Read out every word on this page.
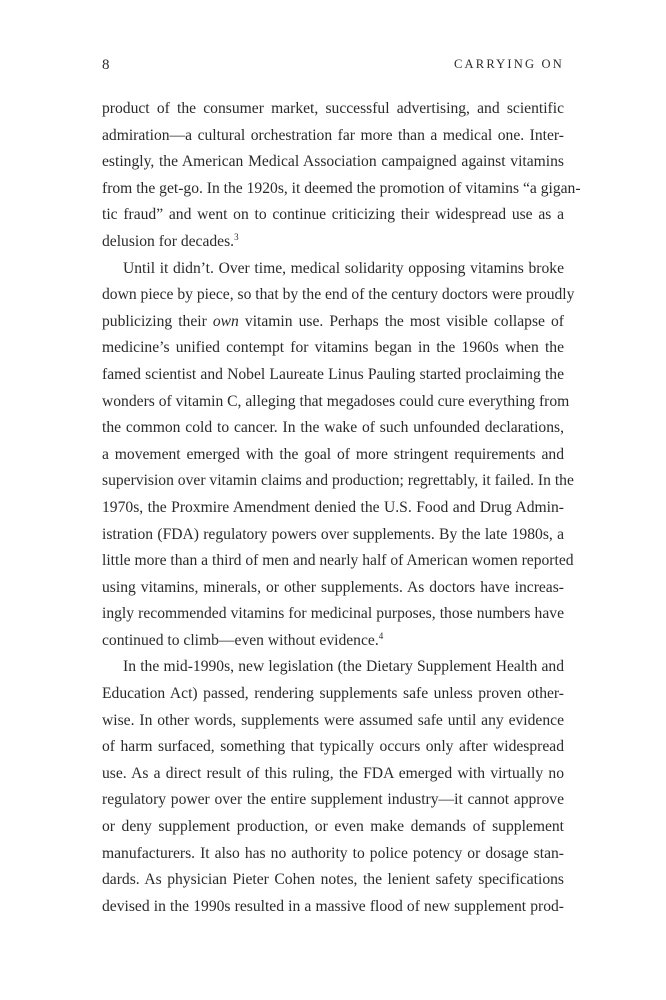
8	CARRYING ON
product of the consumer market, successful advertising, and scientific
admiration—a cultural orchestration far more than a medical one. Inter-
estingly, the American Medical Association campaigned against vitamins
from the get-go. In the 1920s, it deemed the promotion of vitamins “a gigan-
tic fraud” and went on to continue criticizing their widespread use as a
delusion for decades.$^3$
Until it didn’t. Over time, medical solidarity opposing vitamins broke
down piece by piece, so that by the end of the century doctors were proudly
publicizing their own vitamin use. Perhaps the most visible collapse of
medicine’s unified contempt for vitamins began in the 1960s when the
famed scientist and Nobel Laureate Linus Pauling started proclaiming the
wonders of vitamin C, alleging that megadoses could cure everything from
the common cold to cancer. In the wake of such unfounded declarations,
a movement emerged with the goal of more stringent requirements and
supervision over vitamin claims and production; regrettably, it failed. In the
1970s, the Proxmire Amendment denied the U.S. Food and Drug Admin-
istration (FDA) regulatory powers over supplements. By the late 1980s, a
little more than a third of men and nearly half of American women reported
using vitamins, minerals, or other supplements. As doctors have increas-
ingly recommended vitamins for medicinal purposes, those numbers have
continued to climb—even without evidence.$^4$
In the mid-1990s, new legislation (the Dietary Supplement Health and
Education Act) passed, rendering supplements safe unless proven other-
wise. In other words, supplements were assumed safe until any evidence
of harm surfaced, something that typically occurs only after widespread
use. As a direct result of this ruling, the FDA emerged with virtually no
regulatory power over the entire supplement industry—it cannot approve
or deny supplement production, or even make demands of supplement
manufacturers. It also has no authority to police potency or dosage stan-
dards. As physician Pieter Cohen notes, the lenient safety specifications
devised in the 1990s resulted in a massive flood of new supplement prod-
